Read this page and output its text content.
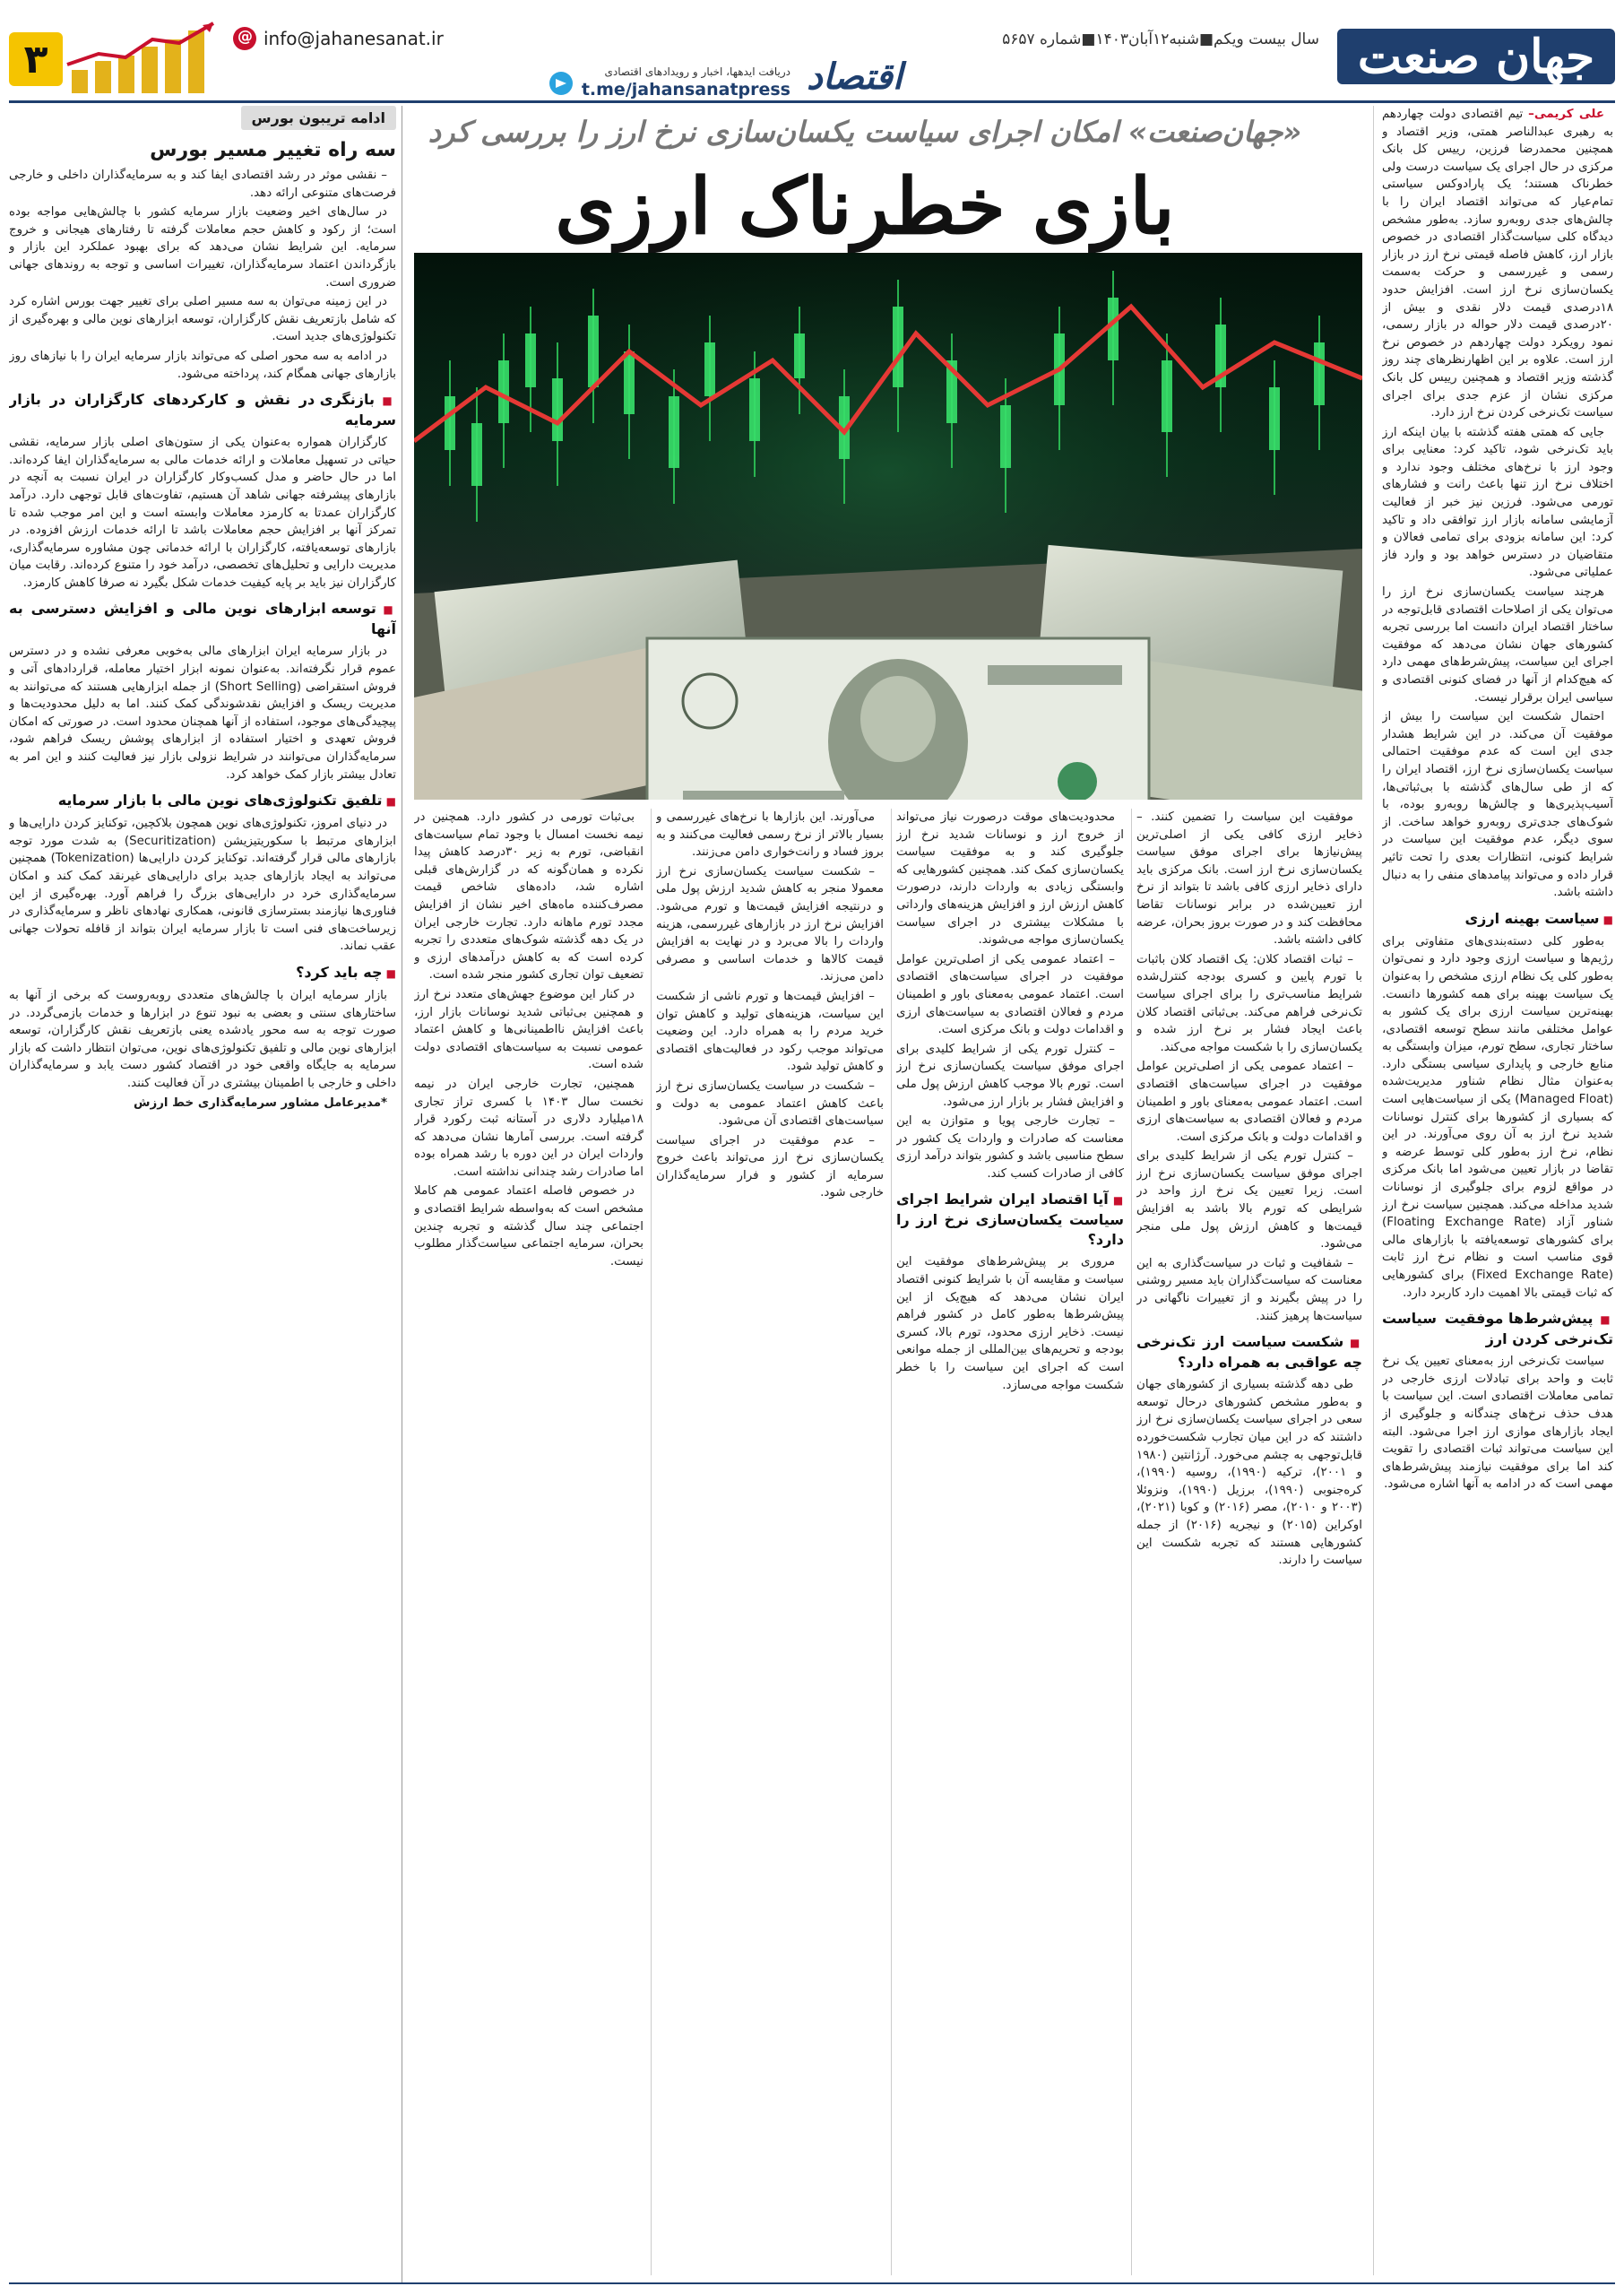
جهان صنعت
سال بیست ویکم■شنبه۱۲آبان۱۴۰۳■شماره ۵۶۵۷
دریافت ایدهها، اخبار و رویدادهای اقتصادی
t.me/jahansanatpress اقتصاد
@
info@jahanesanat.ir
۳
ادامه تریبون بورس
سه راه تغییر مسیر بورس

– نقشی موثر در رشد اقتصادی ایفا کند و به سرمایه‌گذاران داخلی و خارجی فرصت‌های متنوعی ارائه دهد.

در سال‌های اخیر وضعیت بازار سرمایه کشور با چالش‌هایی مواجه بوده است؛ از رکود و کاهش حجم معاملات گرفته تا رفتارهای هیجانی و خروج سرمایه. این شرایط نشان می‌دهد که برای بهبود عملکرد این بازار و بازگرداندن اعتماد سرمایه‌گذاران، تغییرات اساسی و توجه به روندهای جهانی ضروری است.

در این زمینه می‌توان به سه مسیر اصلی برای تغییر جهت بورس اشاره کرد که شامل بازتعریف نقش کارگزاران، توسعه ابزارهای نوین مالی و بهره‌گیری از تکنولوژی‌های جدید است.

در ادامه به سه محور اصلی که می‌تواند بازار سرمایه ایران را با نیازهای روز بازارهای جهانی همگام کند، پرداخته می‌شود.

■ بازنگری در نقش و کارکردهای کارگزاران در بازار سرمایه

کارگزاران همواره به‌عنوان یکی از ستون‌های اصلی بازار سرمایه، نقشی حیاتی در تسهیل معاملات و ارائه خدمات مالی به سرمایه‌گذاران ایفا کرده‌اند. اما در حال حاضر و مدل کسب‌وکار کارگزاران در ایران نسبت به آنچه در بازارهای پیشرفته جهانی شاهد آن هستیم، تفاوت‌های قابل توجهی دارد. درآمد کارگزاران عمدتا به کارمزد معاملات وابسته است و این امر موجب شده تا تمرکز آنها بر افزایش حجم معاملات باشد تا ارائه خدمات ارزش افزوده. در بازارهای توسعه‌یافته، کارگزاران با ارائه خدماتی چون مشاوره سرمایه‌گذاری، مدیریت دارایی و تحلیل‌های تخصصی، درآمد خود را متنوع کرده‌اند. رقابت میان کارگزاران نیز باید بر پایه کیفیت خدمات شکل بگیرد نه صرفا کاهش کارمزد.

■ توسعه ابزارهای نوین مالی و افزایش دسترسی به آنها

در بازار سرمایه ایران ابزارهای مالی به‌خوبی معرفی نشده و در دسترس عموم قرار نگرفته‌اند. به‌عنوان نمونه ابزار اختیار معامله، قراردادهای آتی و فروش استقراضی (Short Selling) از جمله ابزارهایی هستند که می‌توانند به مدیریت ریسک و افزایش نقدشوندگی کمک کنند. اما به دلیل محدودیت‌ها و پیچیدگی‌های موجود، استفاده از آنها همچنان محدود است. در صورتی که امکان فروش تعهدی و اختیار استفاده از ابزارهای پوشش ریسک فراهم شود، سرمایه‌گذاران می‌توانند در شرایط نزولی بازار نیز فعالیت کنند و این امر به تعادل بیشتر بازار کمک خواهد کرد.

■ تلفیق تکنولوژی‌های نوین مالی با بازار سرمایه

در دنیای امروز، تکنولوژی‌های نوین همچون بلاکچین، توکنایز کردن دارایی‌ها و ابزارهای مرتبط با سکوریتیزیشن (Securitization) به شدت مورد توجه بازارهای مالی قرار گرفته‌اند. توکنایز کردن دارایی‌ها (Tokenization) همچنین می‌تواند به ایجاد بازارهای جدید برای دارایی‌های غیرنقد کمک کند و امکان سرمایه‌گذاری خرد در دارایی‌های بزرگ را فراهم آورد. بهره‌گیری از این فناوری‌ها نیازمند بسترسازی قانونی، همکاری نهادهای ناظر و سرمایه‌گذاری در زیرساخت‌های فنی است تا بازار سرمایه ایران بتواند از قافله تحولات جهانی عقب نماند.

■ چه باید کرد؟

بازار سرمایه ایران با چالش‌های متعددی روبه‌روست که برخی از آنها به ساختارهای سنتی و بعضی به نبود تنوع در ابزارها و خدمات بازمی‌گردد. در صورت توجه به سه محور یادشده یعنی بازتعریف نقش کارگزاران، توسعه ابزارهای نوین مالی و تلفیق تکنولوژی‌های نوین، می‌توان انتظار داشت که بازار سرمایه به جایگاه واقعی خود در اقتصاد کشور دست یابد و سرمایه‌گذاران داخلی و خارجی با اطمینان بیشتری در آن فعالیت کنند.

*مدیرعامل مشاور سرمایه‌گذاری خط ارزش

«جهان‌صنعت» امکان اجرای سیاست یکسان‌سازی نرخ ارز را بررسی کرد
بازی خطرناک ارزی

علی کریمی– تیم اقتصادی دولت چهاردهم به رهبری عبدالناصر همتی، وزیر اقتصاد و همچنین محمدرضا فرزین، رییس کل بانک مرکزی در حال اجرای یک سیاست درست ولی خطرناک هستند؛ یک پارادوکس سیاستی تمام‌عیار که می‌تواند اقتصاد ایران را با چالش‌های جدی روبه‌رو سازد. به‌طور مشخص دیدگاه کلی سیاست‌گذار اقتصادی در خصوص بازار ارز، کاهش فاصله قیمتی نرخ ارز در بازار رسمی و غیررسمی و حرکت به‌سمت یکسان‌سازی نرخ ارز است. افزایش حدود ۱۸درصدی قیمت دلار نقدی و بیش از ۲۰درصدی قیمت دلار حواله در بازار رسمی، نمود رویکرد دولت چهاردهم در خصوص نرخ ارز است. علاوه بر این اظهارنظرهای چند روز گذشته وزیر اقتصاد و همچنین رییس کل بانک مرکزی نشان از عزم جدی برای اجرای سیاست تک‌نرخی کردن نرخ ارز دارد.

جایی که همتی هفته گذشته با بیان اینکه ارز باید تک‌نرخی شود، تاکید کرد: معنایی برای وجود ارز با نرخ‌های مختلف وجود ندارد و اختلاف نرخ ارز تنها باعث رانت و فشارهای تورمی می‌شود. فرزین نیز خبر از فعالیت آزمایشی سامانه بازار ارز توافقی داد و تاکید کرد: این سامانه بزودی برای تمامی فعالان و متقاضیان در دسترس خواهد بود و وارد فاز عملیاتی می‌شود.

هرچند سیاست یکسان‌سازی نرخ ارز را می‌توان یکی از اصلاحات اقتصادی قابل‌توجه در ساختار اقتصاد ایران دانست اما بررسی تجربه کشورهای جهان نشان می‌دهد که موفقیت اجرای این سیاست، پیش‌شرط‌های مهمی دارد که هیچ‌کدام از آنها در فضای کنونی اقتصادی و سیاسی ایران برقرار نیست.

احتمال شکست این سیاست را بیش از موفقیت آن می‌کند. در این شرایط هشدار جدی این است که عدم موفقیت احتمالی سیاست یکسان‌سازی نرخ ارز، اقتصاد ایران را که از طی سال‌های گذشته با بی‌ثباتی‌ها، آسیب‌پذیری‌ها و چالش‌ها روبه‌رو بوده، با شوک‌های جدی‌تری روبه‌رو خواهد ساخت. از سوی دیگر، عدم موفقیت این سیاست در شرایط کنونی، انتظارات بعدی را تحت تاثیر قرار داده و می‌تواند پیامدهای منفی را به دنبال داشته باشد.

■ سیاست بهینه ارزی

به‌طور کلی دسته‌بندی‌های متفاوتی برای رژیم‌ها و سیاست ارزی وجود دارد و نمی‌توان به‌طور کلی یک نظام ارزی مشخص را به‌عنوان یک سیاست بهینه برای همه کشورها دانست. بهینه‌ترین سیاست ارزی برای یک کشور به عوامل مختلفی مانند سطح توسعه اقتصادی، ساختار تجاری، سطح تورم، میزان وابستگی به منابع خارجی و پایداری سیاسی بستگی دارد. به‌عنوان مثال نظام شناور مدیریت‌شده (Managed Float) یکی از سیاست‌هایی است که بسیاری از کشورها برای کنترل نوسانات شدید نرخ ارز به آن روی می‌آورند. در این نظام، نرخ ارز به‌طور کلی توسط عرضه و تقاضا در بازار تعیین می‌شود اما بانک مرکزی در مواقع لزوم برای جلوگیری از نوسانات شدید مداخله می‌کند. همچنین سیاست نرخ ارز شناور آزاد (Floating Exchange Rate) برای کشورهای توسعه‌یافته با بازارهای مالی قوی مناسب است و نظام نرخ ارز ثابت (Fixed Exchange Rate) برای کشورهایی که ثبات قیمتی بالا اهمیت دارد کاربرد دارد.

■ پیش‌شرط‌ها موفقیت سیاست تک‌نرخی کردن ارز

سیاست تک‌نرخی ارز به‌معنای تعیین یک نرخ ثابت و واحد برای تبادلات ارزی خارجی در تمامی معاملات اقتصادی است. این سیاست با هدف حذف نرخ‌های چندگانه و جلوگیری از ایجاد بازارهای موازی ارز اجرا می‌شود. البته این سیاست می‌تواند ثبات اقتصادی را تقویت کند اما برای موفقیت نیازمند پیش‌شرط‌های مهمی است که در ادامه به آنها اشاره می‌شود.

موفقیت این سیاست را تضمین کنند. – ذخایر ارزی کافی یکی از اصلی‌ترین پیش‌نیازها برای اجرای موفق سیاست یکسان‌سازی نرخ ارز است. بانک مرکزی باید دارای ذخایر ارزی کافی باشد تا بتواند از نرخ ارز تعیین‌شده در برابر نوسانات تقاضا محافظت کند و در صورت بروز بحران، عرضه کافی داشته باشد.

– ثبات اقتصاد کلان: یک اقتصاد کلان باثبات با تورم پایین و کسری بودجه کنترل‌شده شرایط مناسب‌تری را برای اجرای سیاست تک‌نرخی فراهم می‌کند. بی‌ثباتی اقتصاد کلان باعث ایجاد فشار بر نرخ ارز شده و یکسان‌سازی را با شکست مواجه می‌کند.

– اعتماد عمومی یکی از اصلی‌ترین عوامل موفقیت در اجرای سیاست‌های اقتصادی است. اعتماد عمومی به‌معنای باور و اطمینان مردم و فعالان اقتصادی به سیاست‌های ارزی و اقدامات دولت و بانک مرکزی است.

– کنترل تورم یکی از شرایط کلیدی برای اجرای موفق سیاست یکسان‌سازی نرخ ارز است. زیرا تعیین یک نرخ ارز واحد در شرایطی که تورم بالا باشد به افزایش قیمت‌ها و کاهش ارزش پول ملی منجر می‌شود.

– شفافیت و ثبات در سیاست‌گذاری به این معناست که سیاست‌گذاران باید مسیر روشنی را در پیش بگیرند و از تغییرات ناگهانی در سیاست‌ها پرهیز کنند.

■ شکست سیاست ارز تک‌نرخی چه عواقبی به همراه دارد؟

طی دهه گذشته بسیاری از کشورهای جهان و به‌طور مشخص کشورهای درحال توسعه سعی در اجرای سیاست یکسان‌سازی نرخ ارز داشتند که در این میان تجارب شکست‌خورده قابل‌توجهی به چشم می‌خورد. آرژانتین (۱۹۸۰ و ۲۰۰۱)، ترکیه (۱۹۹۰)، روسیه (۱۹۹۰)، کره‌جنوبی (۱۹۹۰)، برزیل (۱۹۹۰)، ونزوئلا (۲۰۰۳ و ۲۰۱۰)، مصر (۲۰۱۶) و کوبا (۲۰۲۱)، اوکراین (۲۰۱۵) و نیجریه (۲۰۱۶) از جمله کشورهایی هستند که تجربه شکست این سیاست را دارند.

محدودیت‌های موقت درصورت نیاز می‌تواند از خروج ارز و نوسانات شدید نرخ ارز جلوگیری کند و به موفقیت سیاست یکسان‌سازی کمک کند. همچنین کشورهایی که وابستگی زیادی به واردات دارند، درصورت کاهش ارزش ارز و افزایش هزینه‌های وارداتی با مشکلات بیشتری در اجرای سیاست یکسان‌سازی مواجه می‌شوند.

– اعتماد عمومی یکی از اصلی‌ترین عوامل موفقیت در اجرای سیاست‌های اقتصادی است. اعتماد عمومی به‌معنای باور و اطمینان مردم و فعالان اقتصادی به سیاست‌های ارزی و اقدامات دولت و بانک مرکزی است.

– کنترل تورم یکی از شرایط کلیدی برای اجرای موفق سیاست یکسان‌سازی نرخ ارز است. تورم بالا موجب کاهش ارزش پول ملی و افزایش فشار بر بازار ارز می‌شود.

– تجارت خارجی پویا و متوازن به این معناست که صادرات و واردات یک کشور در سطح مناسبی باشد و کشور بتواند درآمد ارزی کافی از صادرات کسب کند.

■ آیا اقتصاد ایران شرایط اجرای سیاست یکسان‌سازی نرخ ارز را دارد؟

مروری بر پیش‌شرط‌های موفقیت این سیاست و مقایسه آن با شرایط کنونی اقتصاد ایران نشان می‌دهد که هیچ‌یک از این پیش‌شرط‌ها به‌طور کامل در کشور فراهم نیست. ذخایر ارزی محدود، تورم بالا، کسری بودجه و تحریم‌های بین‌المللی از جمله موانعی است که اجرای این سیاست را با خطر شکست مواجه می‌سازد.

می‌آورند. این بازارها با نرخ‌های غیررسمی و بسیار بالاتر از نرخ رسمی فعالیت می‌کنند و به بروز فساد و رانت‌خواری دامن می‌زنند.

– شکست سیاست یکسان‌سازی نرخ ارز معمولا منجر به کاهش شدید ارزش پول ملی و درنتیجه افزایش قیمت‌ها و تورم می‌شود. افزایش نرخ ارز در بازارهای غیررسمی، هزینه واردات را بالا می‌برد و در نهایت به افزایش قیمت کالاها و خدمات اساسی و مصرفی دامن می‌زند.

– افزایش قیمت‌ها و تورم ناشی از شکست این سیاست، هزینه‌های تولید و کاهش توان خرید مردم را به همراه دارد. این وضعیت می‌تواند موجب رکود در فعالیت‌های اقتصادی و کاهش تولید شود.

– شکست در سیاست یکسان‌سازی نرخ ارز باعث کاهش اعتماد عمومی به دولت و سیاست‌های اقتصادی آن می‌شود.

– عدم موفقیت در اجرای سیاست یکسان‌سازی نرخ ارز می‌تواند باعث خروج سرمایه از کشور و فرار سرمایه‌گذاران خارجی شود.

بی‌ثبات تورمی در کشور دارد. همچنین در نیمه نخست امسال با وجود تمام سیاست‌های انقباضی، تورم به زیر ۳۰درصد کاهش پیدا نکرده و همان‌گونه که در گزارش‌های قبلی اشاره شد، داده‌های شاخص قیمت مصرف‌کننده ماه‌های اخیر نشان از افزایش مجدد تورم ماهانه دارد. تجارت خارجی ایران در یک دهه گذشته شوک‌های متعددی را تجربه کرده است که به کاهش درآمدهای ارزی و تضعیف توان تجاری کشور منجر شده است.

در کنار این موضوع جهش‌های متعدد نرخ ارز و همچنین بی‌ثباتی شدید نوسانات بازار ارز، باعث افزایش نااطمینانی‌ها و کاهش اعتماد عمومی نسبت به سیاست‌های اقتصادی دولت شده است.

همچنین، تجارت خارجی ایران در نیمه نخست سال ۱۴۰۳ با کسری تراز تجاری ۱۸میلیارد دلاری در آستانه ثبت رکورد قرار گرفته است. بررسی آمارها نشان می‌دهد که واردات ایران در این دوره با رشد همراه بوده اما صادرات رشد چندانی نداشته است.

در خصوص فاصله اعتماد عمومی هم کاملا مشخص است که به‌واسطه شرایط اقتصادی و اجتماعی چند سال گذشته و تجربه چندین بحران، سرمایه اجتماعی سیاست‌گذار مطلوب نیست.
